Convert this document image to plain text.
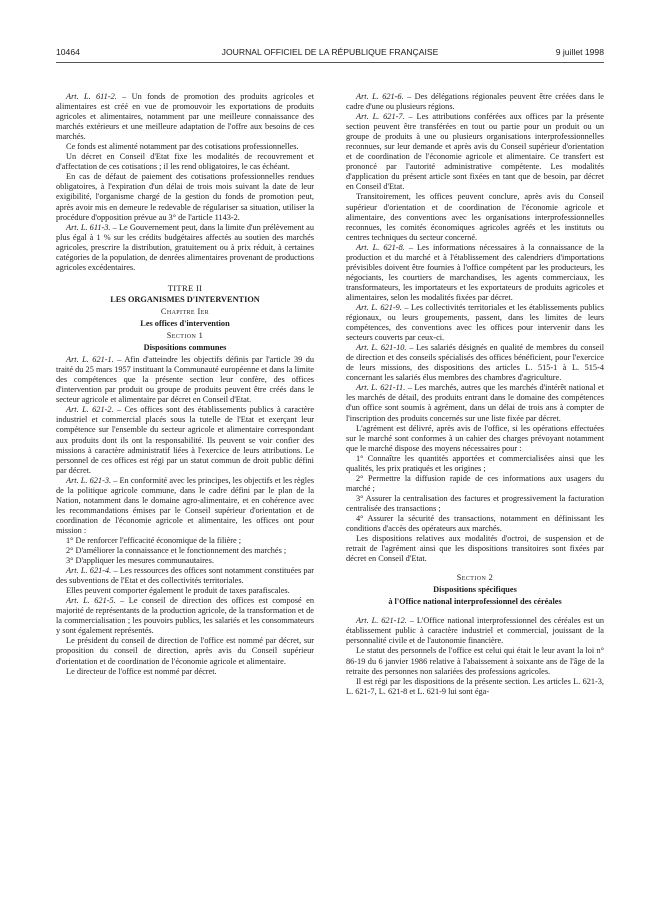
10464	JOURNAL OFFICIEL DE LA RÉPUBLIQUE FRANÇAISE	9 juillet 1998

Art. L. 611-2. – Un fonds de promotion des produits agricoles et alimentaires est créé en vue de promouvoir les exportations de produits agricoles et alimentaires, notamment par une meilleure connaissance des marchés extérieurs et une meilleure adaptation de l'offre aux besoins de ces marchés.

Ce fonds est alimenté notamment par des cotisations professionnelles.

Un décret en Conseil d'Etat fixe les modalités de recouvrement et d'affectation de ces cotisations ; il les rend obligatoires, le cas échéant.

En cas de défaut de paiement des cotisations professionnelles rendues obligatoires, à l'expiration d'un délai de trois mois suivant la date de leur exigibilité, l'organisme chargé de la gestion du fonds de promotion peut, après avoir mis en demeure le redevable de régulariser sa situation, utiliser la procédure d'opposition prévue au 3° de l'article 1143-2.

Art. L. 611-3. – Le Gouvernement peut, dans la limite d'un prélèvement au plus égal à 1 % sur les crédits budgétaires affectés au soutien des marchés agricoles, prescrire la distribution, gratuitement ou à prix réduit, à certaines catégories de la population, de denrées alimentaires provenant de productions agricoles excédentaires.

TITRE II

LES ORGANISMES D'INTERVENTION

Chapitre Ier

Les offices d'intervention

Section 1

Dispositions communes

Art. L. 621-1. – Afin d'atteindre les objectifs définis par l'article 39 du traité du 25 mars 1957 instituant la Communauté européenne et dans la limite des compétences que la présente section leur confère, des offices d'intervention par produit ou groupe de produits peuvent être créés dans le secteur agricole et alimentaire par décret en Conseil d'Etat.

Art. L. 621-2. – Ces offices sont des établissements publics à caractère industriel et commercial placés sous la tutelle de l'Etat et exerçant leur compétence sur l'ensemble du secteur agricole et alimentaire correspondant aux produits dont ils ont la responsabilité. Ils peuvent se voir confier des missions à caractère administratif liées à l'exercice de leurs attributions. Le personnel de ces offices est régi par un statut commun de droit public défini par décret.

Art. L. 621-3. – En conformité avec les principes, les objectifs et les règles de la politique agricole commune, dans le cadre défini par le plan de la Nation, notamment dans le domaine agro-alimentaire, et en cohérence avec les recommandations émises par le Conseil supérieur d'orientation et de coordination de l'économie agricole et alimentaire, les offices ont pour mission :

1° De renforcer l'efficacité économique de la filière ;

2° D'améliorer la connaissance et le fonctionnement des marchés ;

3° D'appliquer les mesures communautaires.

Art. L. 621-4. – Les ressources des offices sont notamment constituées par des subventions de l'Etat et des collectivités territoriales.

Elles peuvent comporter également le produit de taxes parafiscales.

Art. L. 621-5. – Le conseil de direction des offices est composé en majorité de représentants de la production agricole, de la transformation et de la commercialisation ; les pouvoirs publics, les salariés et les consommateurs y sont également représentés.

Le président du conseil de direction de l'office est nommé par décret, sur proposition du conseil de direction, après avis du Conseil supérieur d'orientation et de coordination de l'économie agricole et alimentaire.

Le directeur de l'office est nommé par décret.

Art. L. 621-6. – Des délégations régionales peuvent être créées dans le cadre d'une ou plusieurs régions.

Art. L. 621-7. – Les attributions conférées aux offices par la présente section peuvent être transférées en tout ou partie pour un produit ou un groupe de produits à une ou plusieurs organisations interprofessionnelles reconnues, sur leur demande et après avis du Conseil supérieur d'orientation et de coordination de l'économie agricole et alimentaire. Ce transfert est prononcé par l'autorité administrative compétente. Les modalités d'application du présent article sont fixées en tant que de besoin, par décret en Conseil d'Etat.

Transitoirement, les offices peuvent conclure, après avis du Conseil supérieur d'orientation et de coordination de l'économie agricole et alimentaire, des conventions avec les organisations interprofessionnelles reconnues, les comités économiques agricoles agréés et les instituts ou centres techniques du secteur concerné.

Art. L. 621-8. – Les informations nécessaires à la connaissance de la production et du marché et à l'établissement des calendriers d'importations prévisibles doivent être fournies à l'office compétent par les producteurs, les négociants, les courtiers de marchandises, les agents commerciaux, les transformateurs, les importateurs et les exportateurs de produits agricoles et alimentaires, selon les modalités fixées par décret.

Art. L. 621-9. – Les collectivités territoriales et les établissements publics régionaux, ou leurs groupements, passent, dans les limites de leurs compétences, des conventions avec les offices pour intervenir dans les secteurs couverts par ceux-ci.

Art. L. 621-10. – Les salariés désignés en qualité de membres du conseil de direction et des conseils spécialisés des offices bénéficient, pour l'exercice de leurs missions, des dispositions des articles L. 515-1 à L. 515-4 concernant les salariés élus membres des chambres d'agriculture.

Art. L. 621-11. – Les marchés, autres que les marchés d'intérêt national et les marchés de détail, des produits entrant dans le domaine des compétences d'un office sont soumis à agrément, dans un délai de trois ans à compter de l'inscription des produits concernés sur une liste fixée par décret.

L'agrément est délivré, après avis de l'office, si les opérations effectuées sur le marché sont conformes à un cahier des charges prévoyant notamment que le marché dispose des moyens nécessaires pour :

1° Connaître les quantités apportées et commercialisées ainsi que les qualités, les prix pratiqués et les origines ;

2° Permettre la diffusion rapide de ces informations aux usagers du marché ;

3° Assurer la centralisation des factures et progressivement la facturation centralisée des transactions ;

4° Assurer la sécurité des transactions, notamment en définissant les conditions d'accès des opérateurs aux marchés.

Les dispositions relatives aux modalités d'octroi, de suspension et de retrait de l'agrément ainsi que les dispositions transitoires sont fixées par décret en Conseil d'Etat.

Section 2

Dispositions spécifiques

à l'Office national interprofessionnel des céréales

Art. L. 621-12. – L'Office national interprofessionnel des céréales est un établissement public à caractère industriel et commercial, jouissant de la personnalité civile et de l'autonomie financière.

Le statut des personnels de l'office est celui qui était le leur avant la loi n° 86-19 du 6 janvier 1986 relative à l'abaissement à soixante ans de l'âge de la retraite des personnes non salariées des professions agricoles.

Il est régi par les dispositions de la présente section. Les articles L. 621-3, L. 621-7, L. 621-8 et L. 621-9 lui sont éga-
